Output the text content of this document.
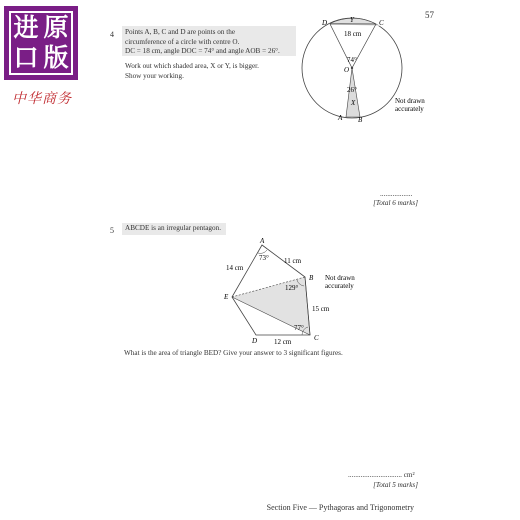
进 原
口 版
中华商务
57
4 Points A, B, C and D are points on the
circumference of a circle with centre O.
DC = 18 cm, angle DOC = 74° and angle AOB = 26°.
Work out which shaded area, X or Y, is bigger.
Show your working.
D	C
Y
18 cm
74°
O
26°
X
A B
Not drawn
accurately
..................
[Total 6 marks]
5	ABCDE is an irregular pentagon.
A
B
C
D
E
14 cm
11 cm
15 cm
12 cm
73°
129°
77°
Not drawn
accurately
What is the area of triangle BED? Give your answer to 3 significant figures.
.............................. cm²
[Total 5 marks]
Section Five — Pythagoras and Trigonometry
